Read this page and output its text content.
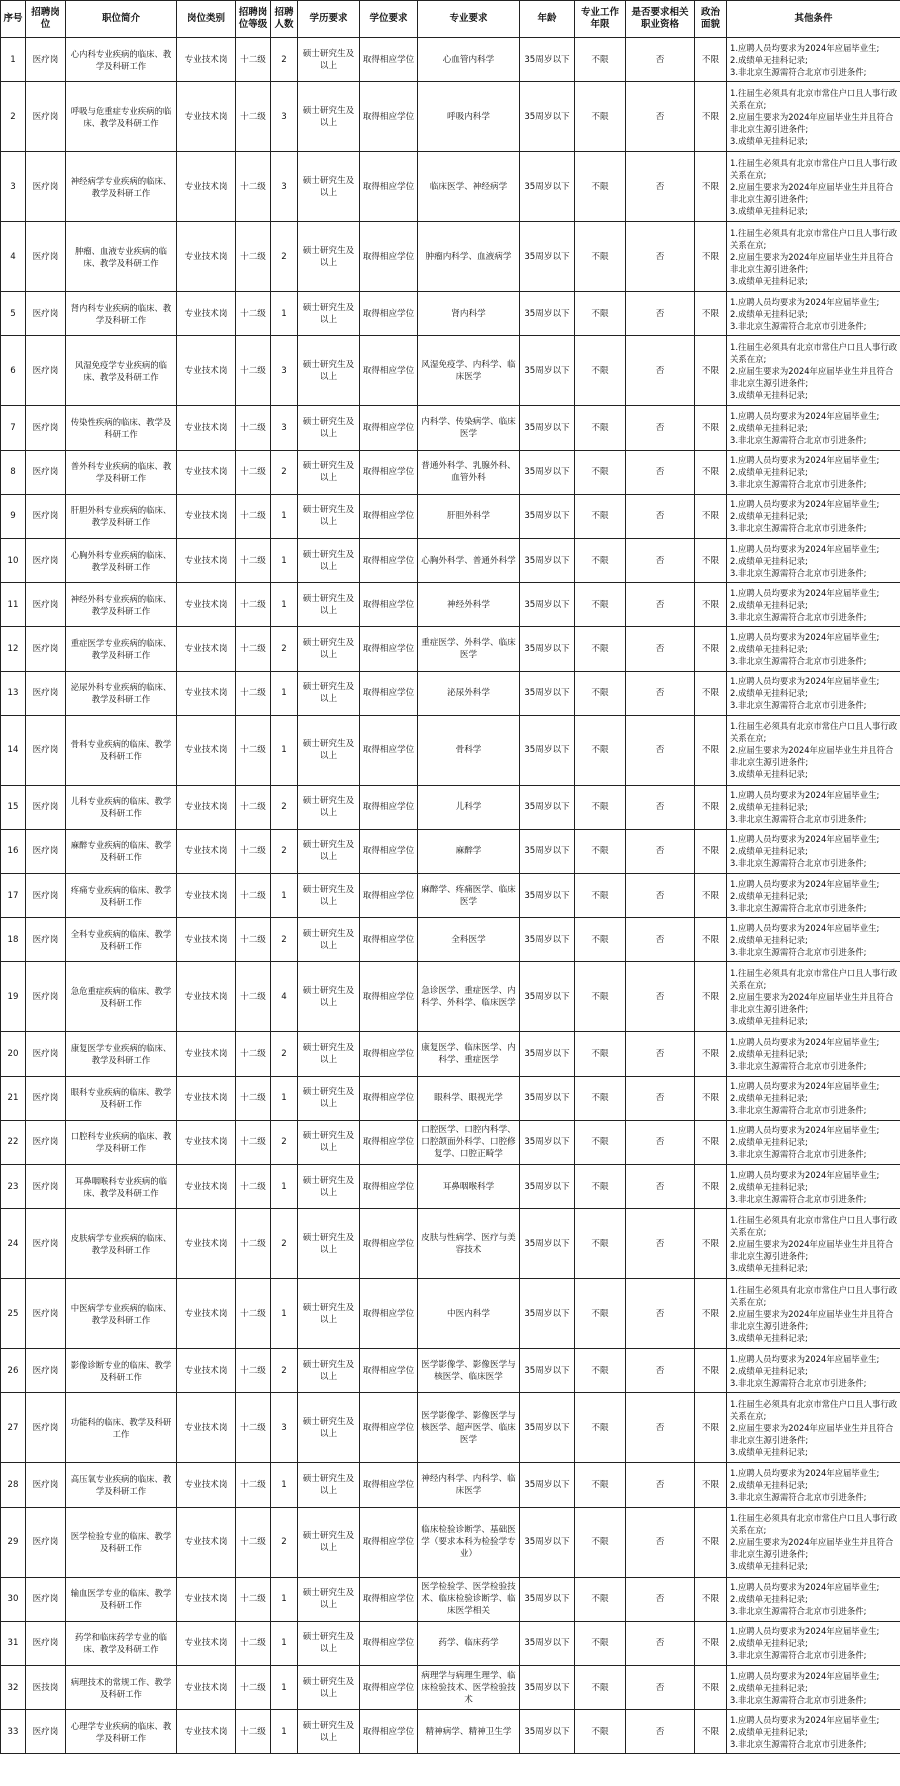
序号	招聘岗位	职位简介	岗位类别	招聘岗位等级	招聘人数	学历要求	学位要求	专业要求	年龄	专业工作年限	是否要求相关职业资格	政治面貌	其他条件
1	医疗岗	心内科专业疾病的临床、教学及科研工作	专业技术岗	十二级	2	硕士研究生及以上	取得相应学位	心血管内科学	35周岁以下	不限	否	不限	1.应聘人员均要求为2024年应届毕业生;
2.成绩单无挂科记录;
3.非北京生源需符合北京市引进条件;
2	医疗岗	呼吸与危重症专业疾病的临床、教学及科研工作	专业技术岗	十二级	3	硕士研究生及以上	取得相应学位	呼吸内科学	35周岁以下	不限	否	不限	1.往届生必须具有北京市常住户口且人事行政关系在京;
2.应届生要求为2024年应届毕业生并且符合非北京生源引进条件;
3.成绩单无挂科记录;
3	医疗岗	神经病学专业疾病的临床、教学及科研工作	专业技术岗	十二级	3	硕士研究生及以上	取得相应学位	临床医学、神经病学	35周岁以下	不限	否	不限	1.往届生必须具有北京市常住户口且人事行政关系在京;
2.应届生要求为2024年应届毕业生并且符合非北京生源引进条件;
3.成绩单无挂科记录;
4	医疗岗	肿瘤、血液专业疾病的临床、教学及科研工作	专业技术岗	十二级	2	硕士研究生及以上	取得相应学位	肿瘤内科学、血液病学	35周岁以下	不限	否	不限	1.往届生必须具有北京市常住户口且人事行政关系在京;
2.应届生要求为2024年应届毕业生并且符合非北京生源引进条件;
3.成绩单无挂科记录;
5	医疗岗	肾内科专业疾病的临床、教学及科研工作	专业技术岗	十二级	1	硕士研究生及以上	取得相应学位	肾内科学	35周岁以下	不限	否	不限	1.应聘人员均要求为2024年应届毕业生;
2.成绩单无挂科记录;
3.非北京生源需符合北京市引进条件;
6	医疗岗	风湿免疫学专业疾病的临床、教学及科研工作	专业技术岗	十二级	3	硕士研究生及以上	取得相应学位	风湿免疫学、内科学、临床医学	35周岁以下	不限	否	不限	1.往届生必须具有北京市常住户口且人事行政关系在京;
2.应届生要求为2024年应届毕业生并且符合非北京生源引进条件;
3.成绩单无挂科记录;
7	医疗岗	传染性疾病的临床、教学及科研工作	专业技术岗	十二级	3	硕士研究生及以上	取得相应学位	内科学、传染病学、临床医学	35周岁以下	不限	否	不限	1.应聘人员均要求为2024年应届毕业生;
2.成绩单无挂科记录;
3.非北京生源需符合北京市引进条件;
8	医疗岗	普外科专业疾病的临床、教学及科研工作	专业技术岗	十二级	2	硕士研究生及以上	取得相应学位	普通外科学、乳腺外科、血管外科	35周岁以下	不限	否	不限	1.应聘人员均要求为2024年应届毕业生;
2.成绩单无挂科记录;
3.非北京生源需符合北京市引进条件;
9	医疗岗	肝胆外科专业疾病的临床、教学及科研工作	专业技术岗	十二级	1	硕士研究生及以上	取得相应学位	肝胆外科学	35周岁以下	不限	否	不限	1.应聘人员均要求为2024年应届毕业生;
2.成绩单无挂科记录;
3.非北京生源需符合北京市引进条件;
10	医疗岗	心胸外科专业疾病的临床、教学及科研工作	专业技术岗	十二级	1	硕士研究生及以上	取得相应学位	心胸外科学、普通外科学	35周岁以下	不限	否	不限	1.应聘人员均要求为2024年应届毕业生;
2.成绩单无挂科记录;
3.非北京生源需符合北京市引进条件;
11	医疗岗	神经外科专业疾病的临床、教学及科研工作	专业技术岗	十二级	1	硕士研究生及以上	取得相应学位	神经外科学	35周岁以下	不限	否	不限	1.应聘人员均要求为2024年应届毕业生;
2.成绩单无挂科记录;
3.非北京生源需符合北京市引进条件;
12	医疗岗	重症医学专业疾病的临床、教学及科研工作	专业技术岗	十二级	2	硕士研究生及以上	取得相应学位	重症医学、外科学、临床医学	35周岁以下	不限	否	不限	1.应聘人员均要求为2024年应届毕业生;
2.成绩单无挂科记录;
3.非北京生源需符合北京市引进条件;
13	医疗岗	泌尿外科专业疾病的临床、教学及科研工作	专业技术岗	十二级	1	硕士研究生及以上	取得相应学位	泌尿外科学	35周岁以下	不限	否	不限	1.应聘人员均要求为2024年应届毕业生;
2.成绩单无挂科记录;
3.非北京生源需符合北京市引进条件;
14	医疗岗	骨科专业疾病的临床、教学及科研工作	专业技术岗	十二级	1	硕士研究生及以上	取得相应学位	骨科学	35周岁以下	不限	否	不限	1.往届生必须具有北京市常住户口且人事行政关系在京;
2.应届生要求为2024年应届毕业生并且符合非北京生源引进条件;
3.成绩单无挂科记录;
15	医疗岗	儿科专业疾病的临床、教学及科研工作	专业技术岗	十二级	2	硕士研究生及以上	取得相应学位	儿科学	35周岁以下	不限	否	不限	1.应聘人员均要求为2024年应届毕业生;
2.成绩单无挂科记录;
3.非北京生源需符合北京市引进条件;
16	医疗岗	麻醉专业疾病的临床、教学及科研工作	专业技术岗	十二级	2	硕士研究生及以上	取得相应学位	麻醉学	35周岁以下	不限	否	不限	1.应聘人员均要求为2024年应届毕业生;
2.成绩单无挂科记录;
3.非北京生源需符合北京市引进条件;
17	医疗岗	疼痛专业疾病的临床、教学及科研工作	专业技术岗	十二级	1	硕士研究生及以上	取得相应学位	麻醉学、疼痛医学、临床医学	35周岁以下	不限	否	不限	1.应聘人员均要求为2024年应届毕业生;
2.成绩单无挂科记录;
3.非北京生源需符合北京市引进条件;
18	医疗岗	全科专业疾病的临床、教学及科研工作	专业技术岗	十二级	2	硕士研究生及以上	取得相应学位	全科医学	35周岁以下	不限	否	不限	1.应聘人员均要求为2024年应届毕业生;
2.成绩单无挂科记录;
3.非北京生源需符合北京市引进条件;
19	医疗岗	急危重症疾病的临床、教学及科研工作	专业技术岗	十二级	4	硕士研究生及以上	取得相应学位	急诊医学、重症医学、内科学、外科学、临床医学	35周岁以下	不限	否	不限	1.往届生必须具有北京市常住户口且人事行政关系在京;
2.应届生要求为2024年应届毕业生并且符合非北京生源引进条件;
3.成绩单无挂科记录;
20	医疗岗	康复医学专业疾病的临床、教学及科研工作	专业技术岗	十二级	2	硕士研究生及以上	取得相应学位	康复医学、临床医学、内科学、重症医学	35周岁以下	不限	否	不限	1.应聘人员均要求为2024年应届毕业生;
2.成绩单无挂科记录;
3.非北京生源需符合北京市引进条件;
21	医疗岗	眼科专业疾病的临床、教学及科研工作	专业技术岗	十二级	1	硕士研究生及以上	取得相应学位	眼科学、眼视光学	35周岁以下	不限	否	不限	1.应聘人员均要求为2024年应届毕业生;
2.成绩单无挂科记录;
3.非北京生源需符合北京市引进条件;
22	医疗岗	口腔科专业疾病的临床、教学及科研工作	专业技术岗	十二级	2	硕士研究生及以上	取得相应学位	口腔医学、口腔内科学、口腔颌面外科学、口腔修复学、口腔正畸学	35周岁以下	不限	否	不限	1.应聘人员均要求为2024年应届毕业生;
2.成绩单无挂科记录;
3.非北京生源需符合北京市引进条件;
23	医疗岗	耳鼻咽喉科专业疾病的临床、教学及科研工作	专业技术岗	十二级	1	硕士研究生及以上	取得相应学位	耳鼻咽喉科学	35周岁以下	不限	否	不限	1.应聘人员均要求为2024年应届毕业生;
2.成绩单无挂科记录;
3.非北京生源需符合北京市引进条件;
24	医疗岗	皮肤病学专业疾病的临床、教学及科研工作	专业技术岗	十二级	2	硕士研究生及以上	取得相应学位	皮肤与性病学、医疗与美容技术	35周岁以下	不限	否	不限	1.往届生必须具有北京市常住户口且人事行政关系在京;
2.应届生要求为2024年应届毕业生并且符合非北京生源引进条件;
3.成绩单无挂科记录;
25	医疗岗	中医病学专业疾病的临床、教学及科研工作	专业技术岗	十二级	1	硕士研究生及以上	取得相应学位	中医内科学	35周岁以下	不限	否	不限	1.往届生必须具有北京市常住户口且人事行政关系在京;
2.应届生要求为2024年应届毕业生并且符合非北京生源引进条件;
3.成绩单无挂科记录;
26	医疗岗	影像诊断专业的临床、教学及科研工作	专业技术岗	十二级	2	硕士研究生及以上	取得相应学位	医学影像学、影像医学与核医学、临床医学	35周岁以下	不限	否	不限	1.应聘人员均要求为2024年应届毕业生;
2.成绩单无挂科记录;
3.非北京生源需符合北京市引进条件;
27	医疗岗	功能科的临床、教学及科研工作	专业技术岗	十二级	3	硕士研究生及以上	取得相应学位	医学影像学、影像医学与核医学、超声医学、临床医学	35周岁以下	不限	否	不限	1.往届生必须具有北京市常住户口且人事行政关系在京;
2.应届生要求为2024年应届毕业生并且符合非北京生源引进条件;
3.成绩单无挂科记录;
28	医疗岗	高压氧专业疾病的临床、教学及科研工作	专业技术岗	十二级	1	硕士研究生及以上	取得相应学位	神经内科学、内科学、临床医学	35周岁以下	不限	否	不限	1.应聘人员均要求为2024年应届毕业生;
2.成绩单无挂科记录;
3.非北京生源需符合北京市引进条件;
29	医疗岗	医学检验专业的临床、教学及科研工作	专业技术岗	十二级	2	硕士研究生及以上	取得相应学位	临床检验诊断学、基础医学（要求本科为检验学专业）	35周岁以下	不限	否	不限	1.往届生必须具有北京市常住户口且人事行政关系在京;
2.应届生要求为2024年应届毕业生并且符合非北京生源引进条件;
3.成绩单无挂科记录;
30	医疗岗	输血医学专业的临床、教学及科研工作	专业技术岗	十二级	1	硕士研究生及以上	取得相应学位	医学检验学、医学检验技术、临床检验诊断学、临床医学相关	35周岁以下	不限	否	不限	1.应聘人员均要求为2024年应届毕业生;
2.成绩单无挂科记录;
3.非北京生源需符合北京市引进条件;
31	医疗岗	药学和临床药学专业的临床、教学及科研工作	专业技术岗	十二级	1	硕士研究生及以上	取得相应学位	药学、临床药学	35周岁以下	不限	否	不限	1.应聘人员均要求为2024年应届毕业生;
2.成绩单无挂科记录;
3.非北京生源需符合北京市引进条件;
32	医技岗	病理技术的常规工作、教学及科研工作	专业技术岗	十二级	1	硕士研究生及以上	取得相应学位	病理学与病理生理学、临床检验技术、医学检验技术	35周岁以下	不限	否	不限	1.应聘人员均要求为2024年应届毕业生;
2.成绩单无挂科记录;
3.非北京生源需符合北京市引进条件;
33	医疗岗	心理学专业疾病的临床、教学及科研工作	专业技术岗	十二级	1	硕士研究生及以上	取得相应学位	精神病学、精神卫生学	35周岁以下	不限	否	不限	1.应聘人员均要求为2024年应届毕业生;
2.成绩单无挂科记录;
3.非北京生源需符合北京市引进条件;
